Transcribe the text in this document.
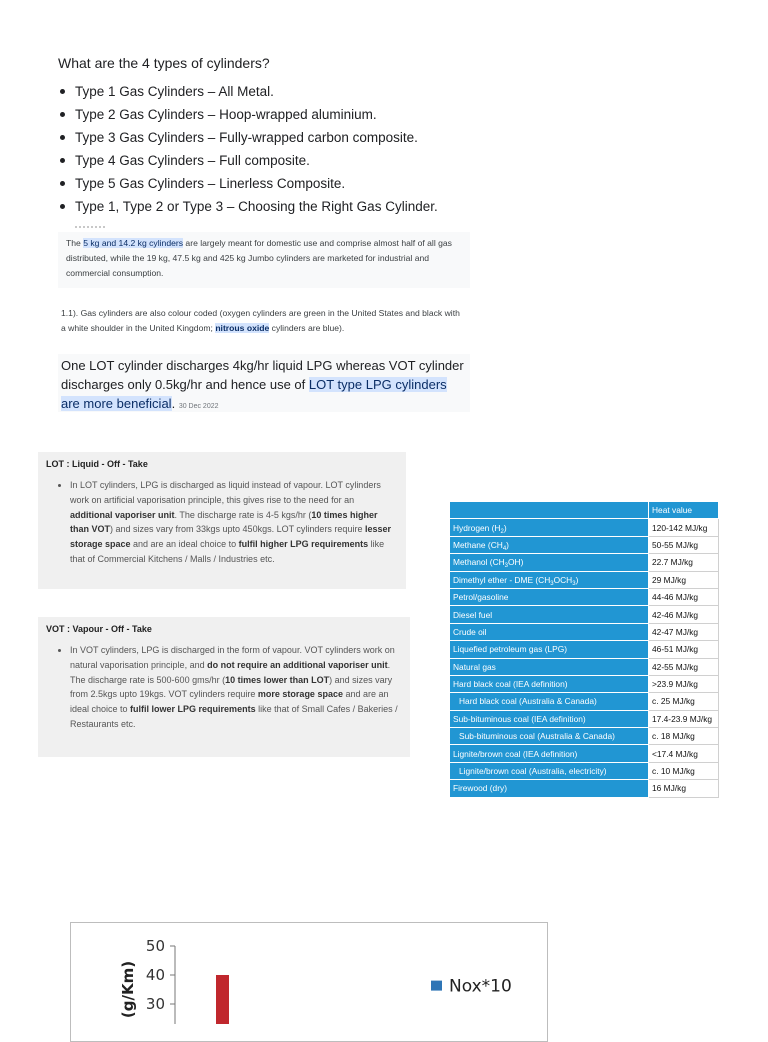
What are the 4 types of cylinders?
Type 1 Gas Cylinders – All Metal.
Type 2 Gas Cylinders – Hoop-wrapped aluminium.
Type 3 Gas Cylinders – Fully-wrapped carbon composite.
Type 4 Gas Cylinders – Full composite.
Type 5 Gas Cylinders – Linerless Composite.
Type 1, Type 2 or Type 3 – Choosing the Right Gas Cylinder.
The 5 kg and 14.2 kg cylinders are largely meant for domestic use and comprise almost half of all gas distributed, while the 19 kg, 47.5 kg and 425 kg Jumbo cylinders are marketed for industrial and commercial consumption.
1.1). Gas cylinders are also colour coded (oxygen cylinders are green in the United States and black with a white shoulder in the United Kingdom; nitrous oxide cylinders are blue).
One LOT cylinder discharges 4kg/hr liquid LPG whereas VOT cylinder discharges only 0.5kg/hr and hence use of LOT type LPG cylinders are more beneficial. 30 Dec 2022
LOT : Liquid - Off - Take
• In LOT cylinders, LPG is discharged as liquid instead of vapour. LOT cylinders work on artificial vaporisation principle, this gives rise to the need for an additional vaporiser unit. The discharge rate is 4-5 kgs/hr (10 times higher than VOT) and sizes vary from 33kgs upto 450kgs. LOT cylinders require lesser storage space and are an ideal choice to fulfil higher LPG requirements like that of Commercial Kitchens / Malls / Industries etc.
VOT : Vapour - Off - Take
• In VOT cylinders, LPG is discharged in the form of vapour. VOT cylinders work on natural vaporisation principle, and do not require an additional vaporiser unit. The discharge rate is 500-600 gms/hr (10 times lower than LOT) and sizes vary from 2.5kgs upto 19kgs. VOT cylinders require more storage space and are an ideal choice to fulfil lower LPG requirements like that of Small Cafes / Bakeries / Restaurants etc.
	Heat value
Hydrogen $(H_2)$	120-142 MJ/kg
Methane $(CH_4)$	50-55 MJ/kg
Methanol $(CH_3OH)$	22.7 MJ/kg
Dimethyl ether - DME $(CH_3OCH_3)$	29 MJ/kg
Petrol/gasoline	44-46 MJ/kg
Diesel fuel	42-46 MJ/kg
Crude oil	42-47 MJ/kg
Liquefied petroleum gas (LPG)	46-51 MJ/kg
Natural gas	42-55 MJ/kg
Hard black coal (IEA definition)	>23.9 MJ/kg
Hard black coal (Australia & Canada)	c. 25 MJ/kg
Sub-bituminous coal (IEA definition)	17.4-23.9 MJ/kg
Sub-bituminous coal (Australia & Canada)	c. 18 MJ/kg
Lignite/brown coal (IEA definition)	<17.4 MJ/kg
Lignite/brown coal (Australia, electricity)	c. 10 MJ/kg
Firewood (dry)	16 MJ/kg
30
40
50
(g/Km)	Nox*10
